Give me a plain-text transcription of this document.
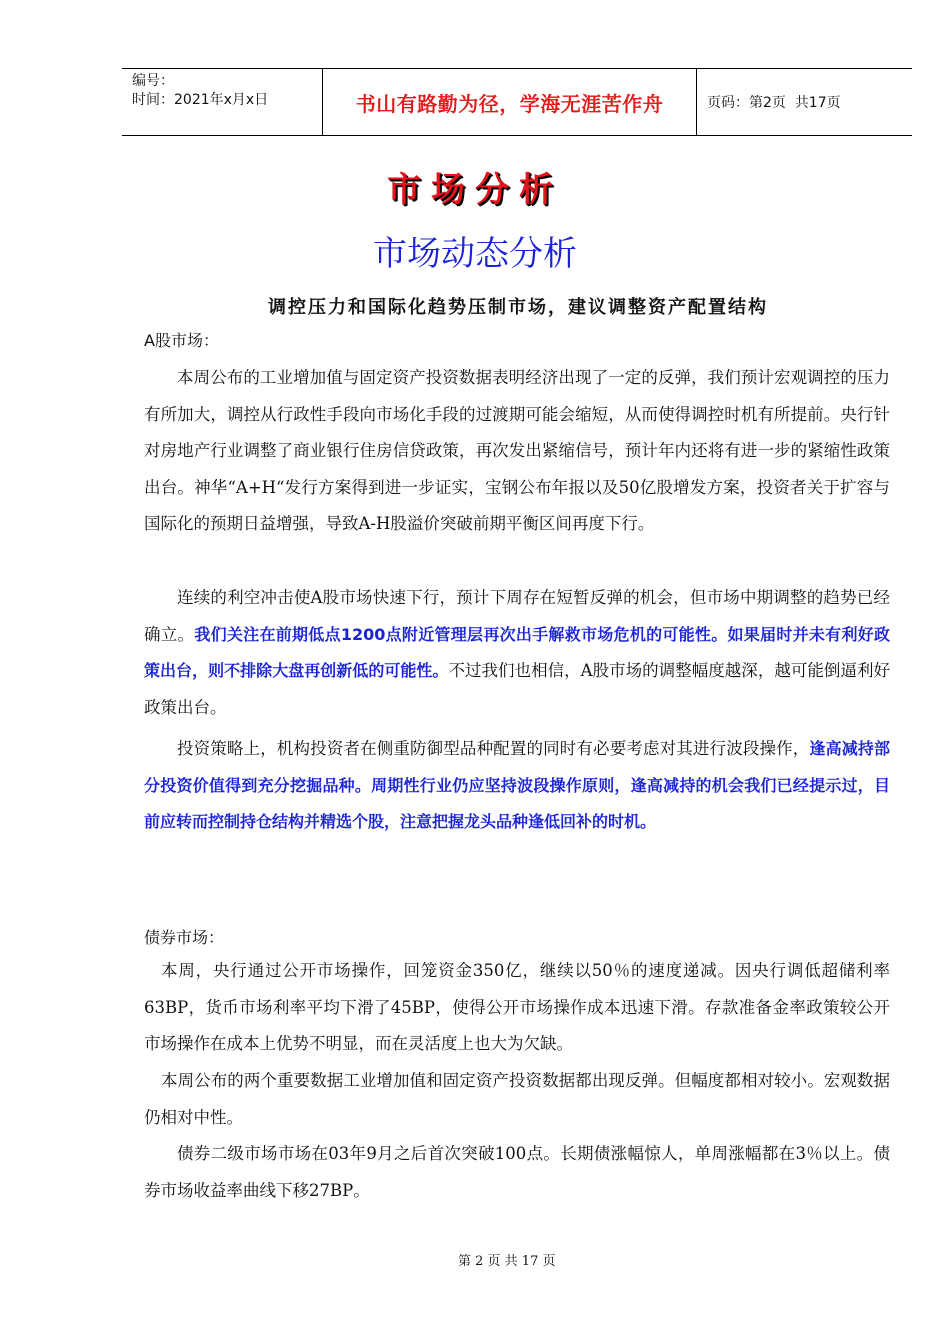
编号：
时间：2021年x月x日	书山有路勤为径，学海无涯苦作舟	页码：第2页  共17页
市场分析
市场动态分析
调控压力和国际化趋势压制市场，建议调整资产配置结构
A股市场：

本周公布的工业增加值与固定资产投资数据表明经济出现了一定的反弹，我们预计宏观调控的压力有所加大，调控从行政性手段向市场化手段的过渡期可能会缩短，从而使得调控时机有所提前。央行针对房地产行业调整了商业银行住房信贷政策，再次发出紧缩信号，预计年内还将有进一步的紧缩性政策出台。神华“A+H“发行方案得到进一步证实，宝钢公布年报以及50亿股增发方案，投资者关于扩容与国际化的预期日益增强，导致A-H股溢价突破前期平衡区间再度下行。

连续的利空冲击使A股市场快速下行，预计下周存在短暂反弹的机会，但市场中期调整的趋势已经确立。我们关注在前期低点1200点附近管理层再次出手解救市场危机的可能性。如果届时并未有利好政策出台，则不排除大盘再创新低的可能性。不过我们也相信，A股市场的调整幅度越深，越可能倒逼利好政策出台。

投资策略上，机构投资者在侧重防御型品种配置的同时有必要考虑对其进行波段操作，逢高减持部分投资价值得到充分挖掘品种。周期性行业仍应坚持波段操作原则，逢高减持的机会我们已经提示过，目前应转而控制持仓结构并精选个股，注意把握龙头品种逢低回补的时机。

债券市场：

本周，央行通过公开市场操作，回笼资金350亿，继续以50％的速度递减。因央行调低超储利率63BP，货币市场利率平均下滑了45BP，使得公开市场操作成本迅速下滑。存款准备金率政策较公开市场操作在成本上优势不明显，而在灵活度上也大为欠缺。

本周公布的两个重要数据工业增加值和固定资产投资数据都出现反弹。但幅度都相对较小。宏观数据仍相对中性。

债券二级市场市场在03年9月之后首次突破100点。长期债涨幅惊人，单周涨幅都在3％以上。债券市场收益率曲线下移27BP。

第 2 页 共 17 页
